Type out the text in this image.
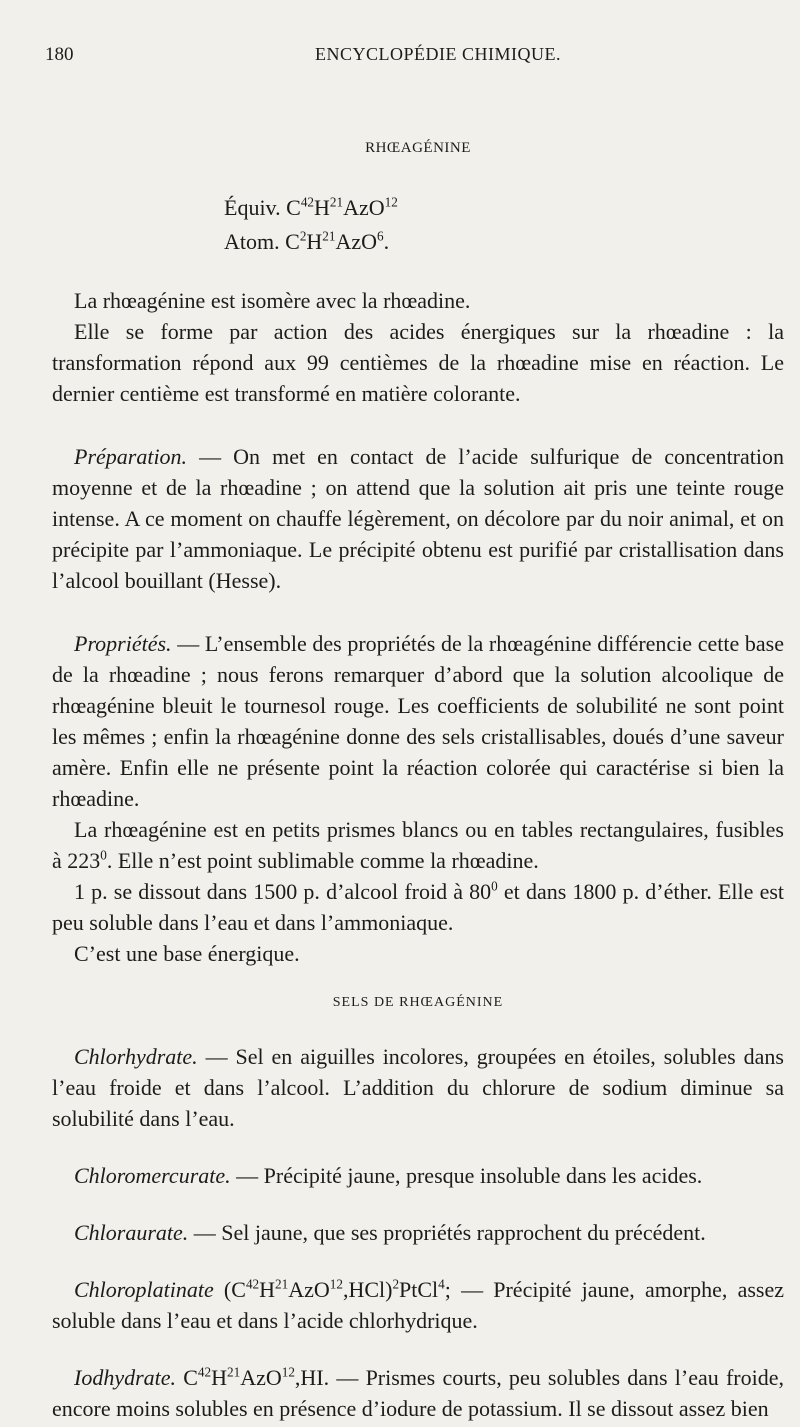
180	ENCYCLOPÉDIE CHIMIQUE.
RHŒAGÉNINE
Équiv. $C^{42}H^{21}AzO^{12}$
Atom. $C^2H^{21}AzO^6$.

La rhœagénine est isomère avec la rhœadine.

Elle se forme par action des acides énergiques sur la rhœadine : la transformation répond aux 99 centièmes de la rhœadine mise en réaction. Le dernier centième est transformé en matière colorante.

Préparation. — On met en contact de l’acide sulfurique de concentration moyenne et de la rhœadine ; on attend que la solution ait pris une teinte rouge intense. A ce moment on chauffe légèrement, on décolore par du noir animal, et on précipite par l’ammoniaque. Le précipité obtenu est purifié par cristallisation dans l’alcool bouillant (Hesse).

Propriétés. — L’ensemble des propriétés de la rhœagénine différencie cette base de la rhœadine ; nous ferons remarquer d’abord que la solution alcoolique de rhœagénine bleuit le tournesol rouge. Les coefficients de solubilité ne sont point les mêmes ; enfin la rhœagénine donne des sels cristallisables, doués d’une saveur amère. Enfin elle ne présente point la réaction colorée qui caractérise si bien la rhœadine.

La rhœagénine est en petits prismes blancs ou en tables rectangulaires, fusibles à $223^0$. Elle n’est point sublimable comme la rhœadine.

1 p. se dissout dans 1500 p. d’alcool froid à $80^0$ et dans 1800 p. d’éther. Elle est peu soluble dans l’eau et dans l’ammoniaque.

C’est une base énergique.

SELS DE RHŒAGÉNINE

Chlorhydrate. — Sel en aiguilles incolores, groupées en étoiles, solubles dans l’eau froide et dans l’alcool. L’addition du chlorure de sodium diminue sa solubilité dans l’eau.

Chloromercurate. — Précipité jaune, presque insoluble dans les acides.

Chloraurate. — Sel jaune, que ses propriétés rapprochent du précédent.

Chloroplatinate $(C^{42}H^{21}AzO^{12},HCl)^2PtCl^4$; — Précipité jaune, amorphe, assez soluble dans l’eau et dans l’acide chlorhydrique.

Iodhydrate. $C^{42}H^{21}AzO^{12},HI$. — Prismes courts, peu solubles dans l’eau froide, encore moins solubles en présence d’iodure de potassium. Il se dissout assez bien
